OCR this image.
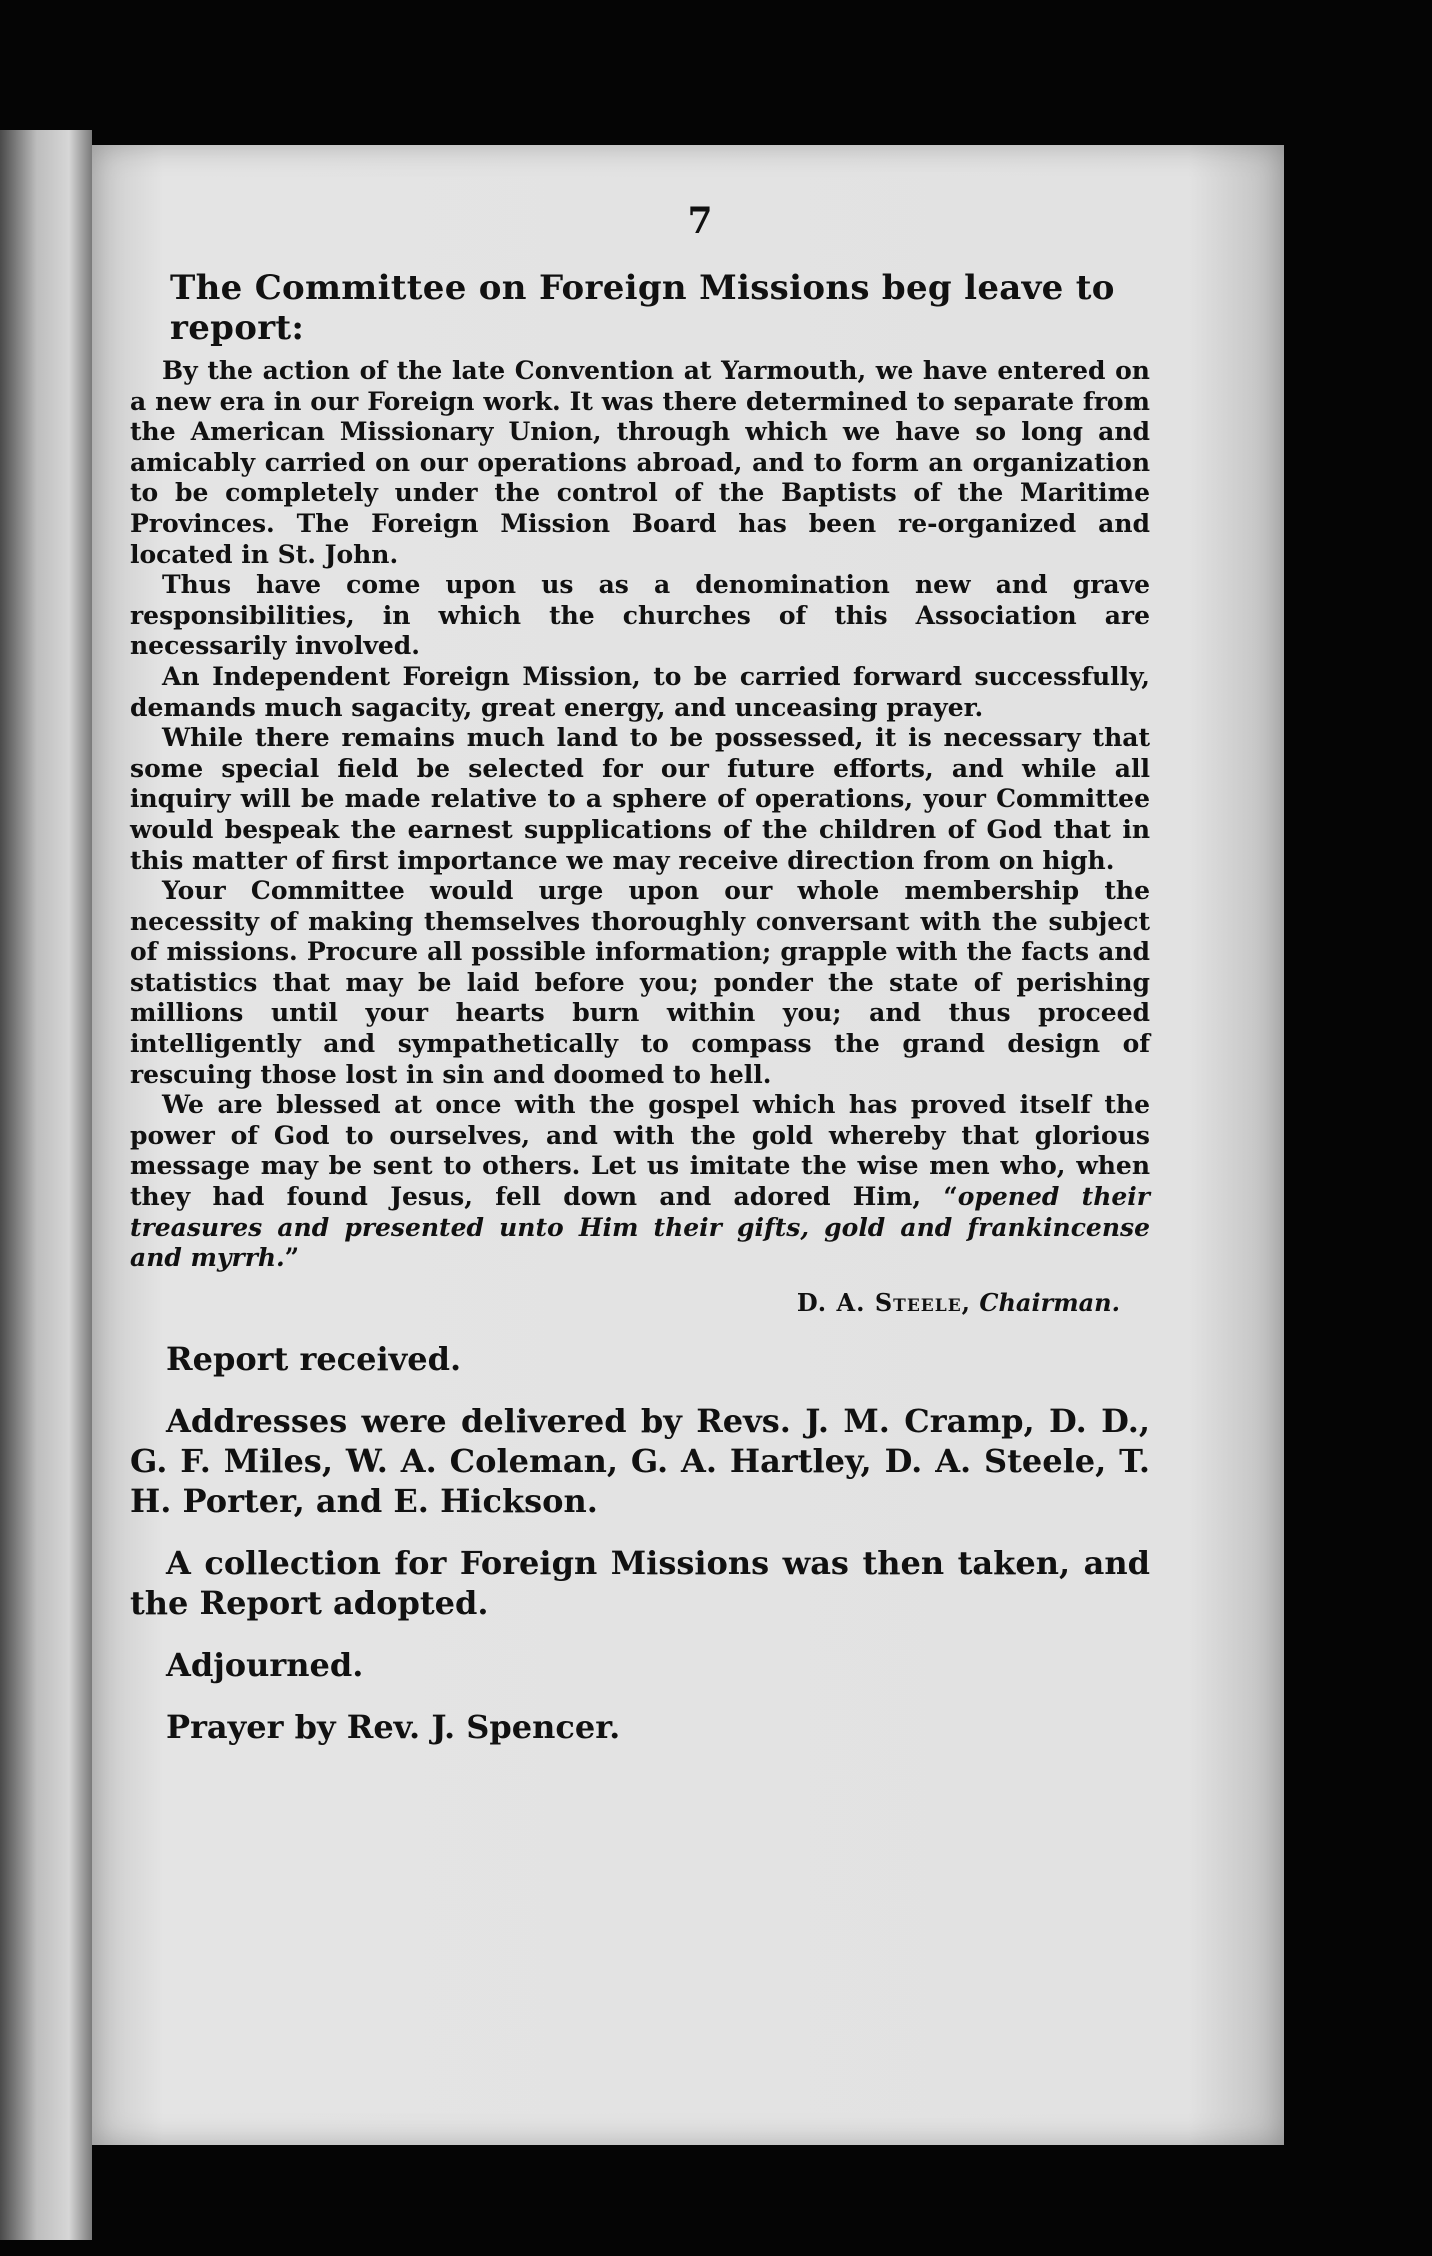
7
The Committee on Foreign Missions beg leave to report:

By the action of the late Convention at Yarmouth, we have entered on a new era in our Foreign work. It was there determined to separate from the American Missionary Union, through which we have so long and amicably carried on our operations abroad, and to form an organization to be completely under the control of the Baptists of the Maritime Provinces. The Foreign Mission Board has been re-organized and located in St. John.

Thus have come upon us as a denomination new and grave responsibilities, in which the churches of this Association are necessarily involved.

An Independent Foreign Mission, to be carried forward successfully, demands much sagacity, great energy, and unceasing prayer.

While there remains much land to be possessed, it is necessary that some special field be selected for our future efforts, and while all inquiry will be made relative to a sphere of operations, your Committee would bespeak the earnest supplications of the children of God that in this matter of first importance we may receive direction from on high.

Your Committee would urge upon our whole membership the necessity of making themselves thoroughly conversant with the subject of missions. Procure all possible information; grapple with the facts and statistics that may be laid before you; ponder the state of perishing millions until your hearts burn within you; and thus proceed intelligently and sympathetically to compass the grand design of rescuing those lost in sin and doomed to hell.

We are blessed at once with the gospel which has proved itself the power of God to ourselves, and with the gold whereby that glorious message may be sent to others. Let us imitate the wise men who, when they had found Jesus, fell down and adored Him, “opened their treasures and presented unto Him their gifts, gold and frankincense and myrrh.”

D. A. Steele, Chairman.

Report received.

Addresses were delivered by Revs. J. M. Cramp, D. D., G. F. Miles, W. A. Coleman, G. A. Hartley, D. A. Steele, T. H. Porter, and E. Hickson.

A collection for Foreign Missions was then taken, and the Report adopted.

Adjourned.

Prayer by Rev. J. Spencer.
